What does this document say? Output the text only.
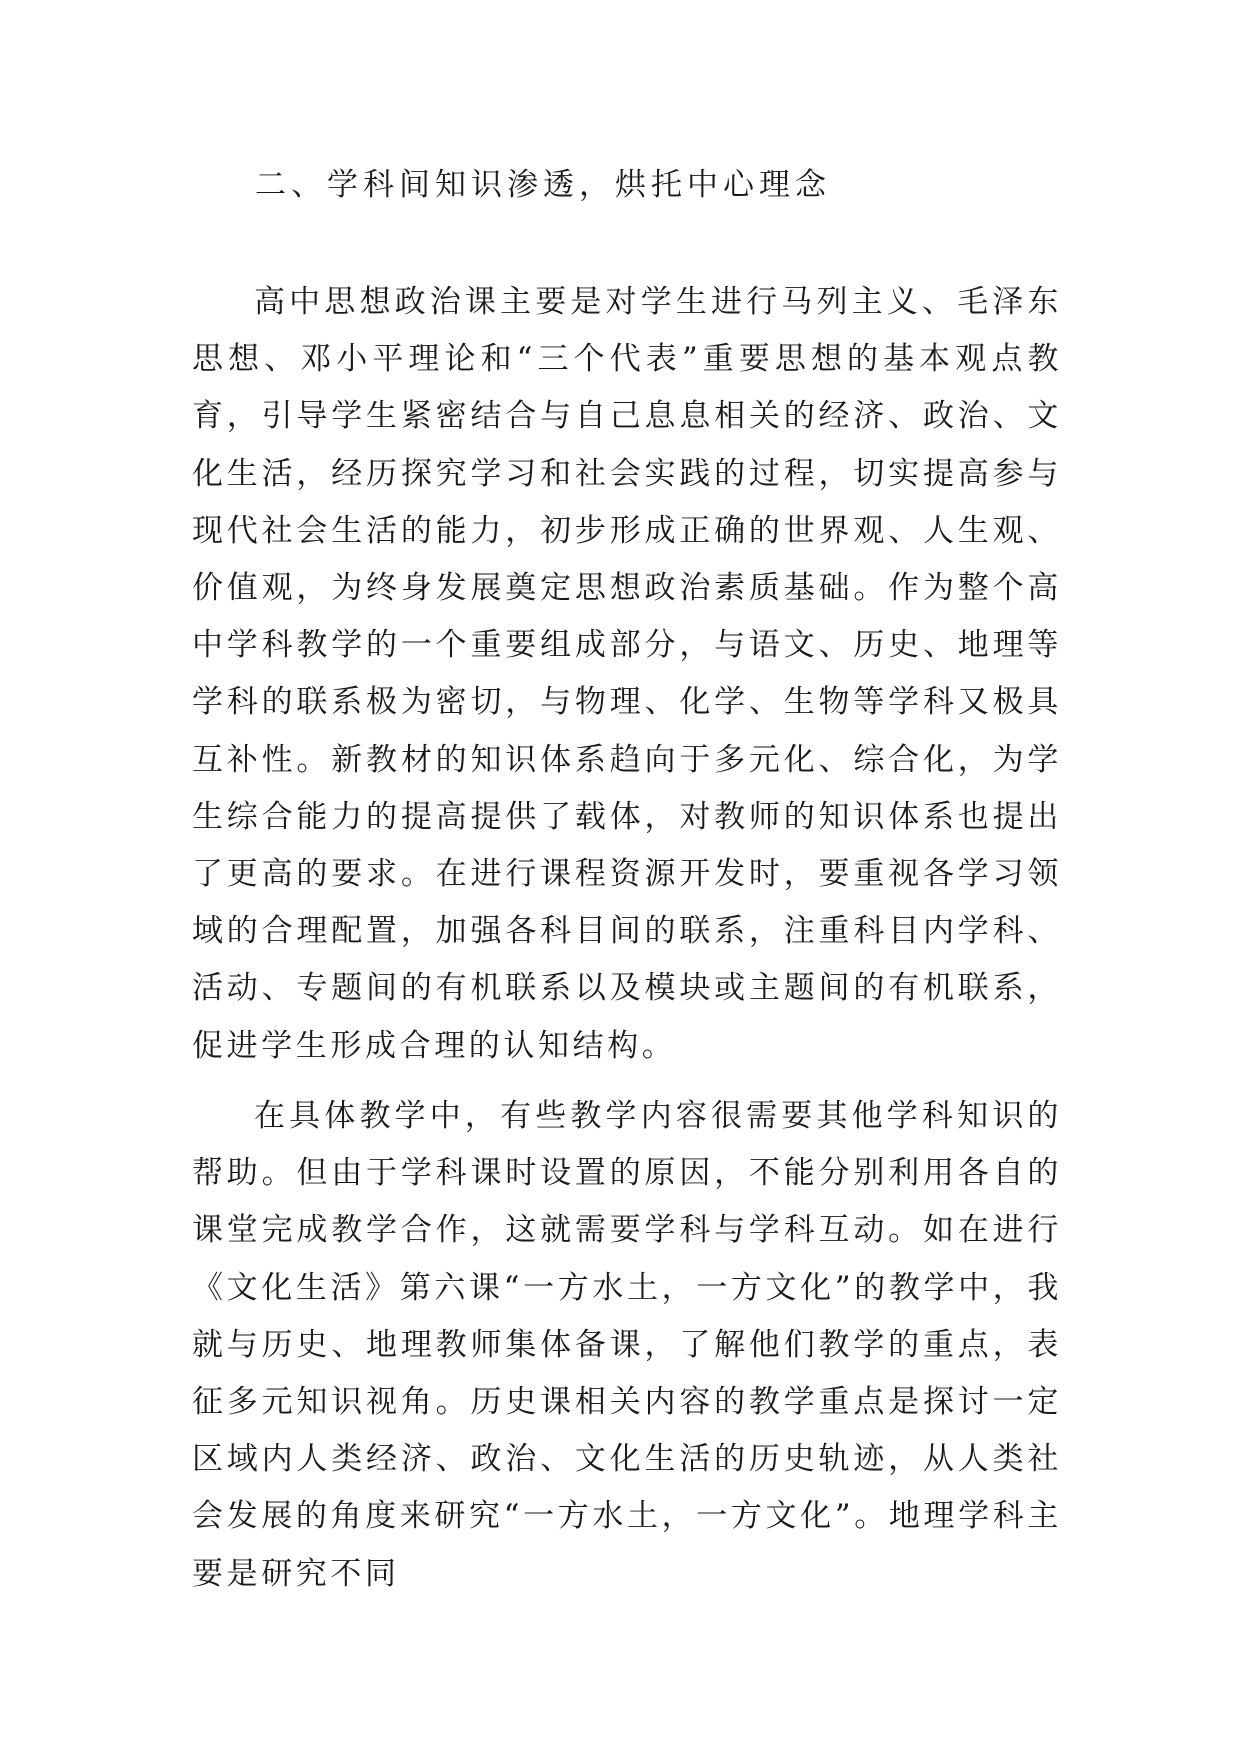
二、学科间知识渗透，烘托中心理念

高中思想政治课主要是对学生进行马列主义、毛泽东思想、邓小平理论和“三个代表”重要思想的基本观点教育，引导学生紧密结合与自己息息相关的经济、政治、文化生活，经历探究学习和社会实践的过程，切实提高参与现代社会生活的能力，初步形成正确的世界观、人生观、价值观，为终身发展奠定思想政治素质基础。作为整个高中学科教学的一个重要组成部分，与语文、历史、地理等学科的联系极为密切，与物理、化学、生物等学科又极具互补性。新教材的知识体系趋向于多元化、综合化，为学生综合能力的提高提供了载体，对教师的知识体系也提出了更高的要求。在进行课程资源开发时，要重视各学习领域的合理配置，加强各科目间的联系，注重科目内学科、活动、专题间的有机联系以及模块或主题间的有机联系，促进学生形成合理的认知结构。

在具体教学中，有些教学内容很需要其他学科知识的帮助。但由于学科课时设置的原因，不能分别利用各自的课堂完成教学合作，这就需要学科与学科互动。如在进行《文化生活》第六课“一方水土，一方文化”的教学中，我就与历史、地理教师集体备课，了解他们教学的重点，表征多元知识视角。历史课相关内容的教学重点是探讨一定区域内人类经济、政治、文化生活的历史轨迹，从人类社会发展的角度来研究“一方水土，一方文化”。地理学科主要是研究不同
